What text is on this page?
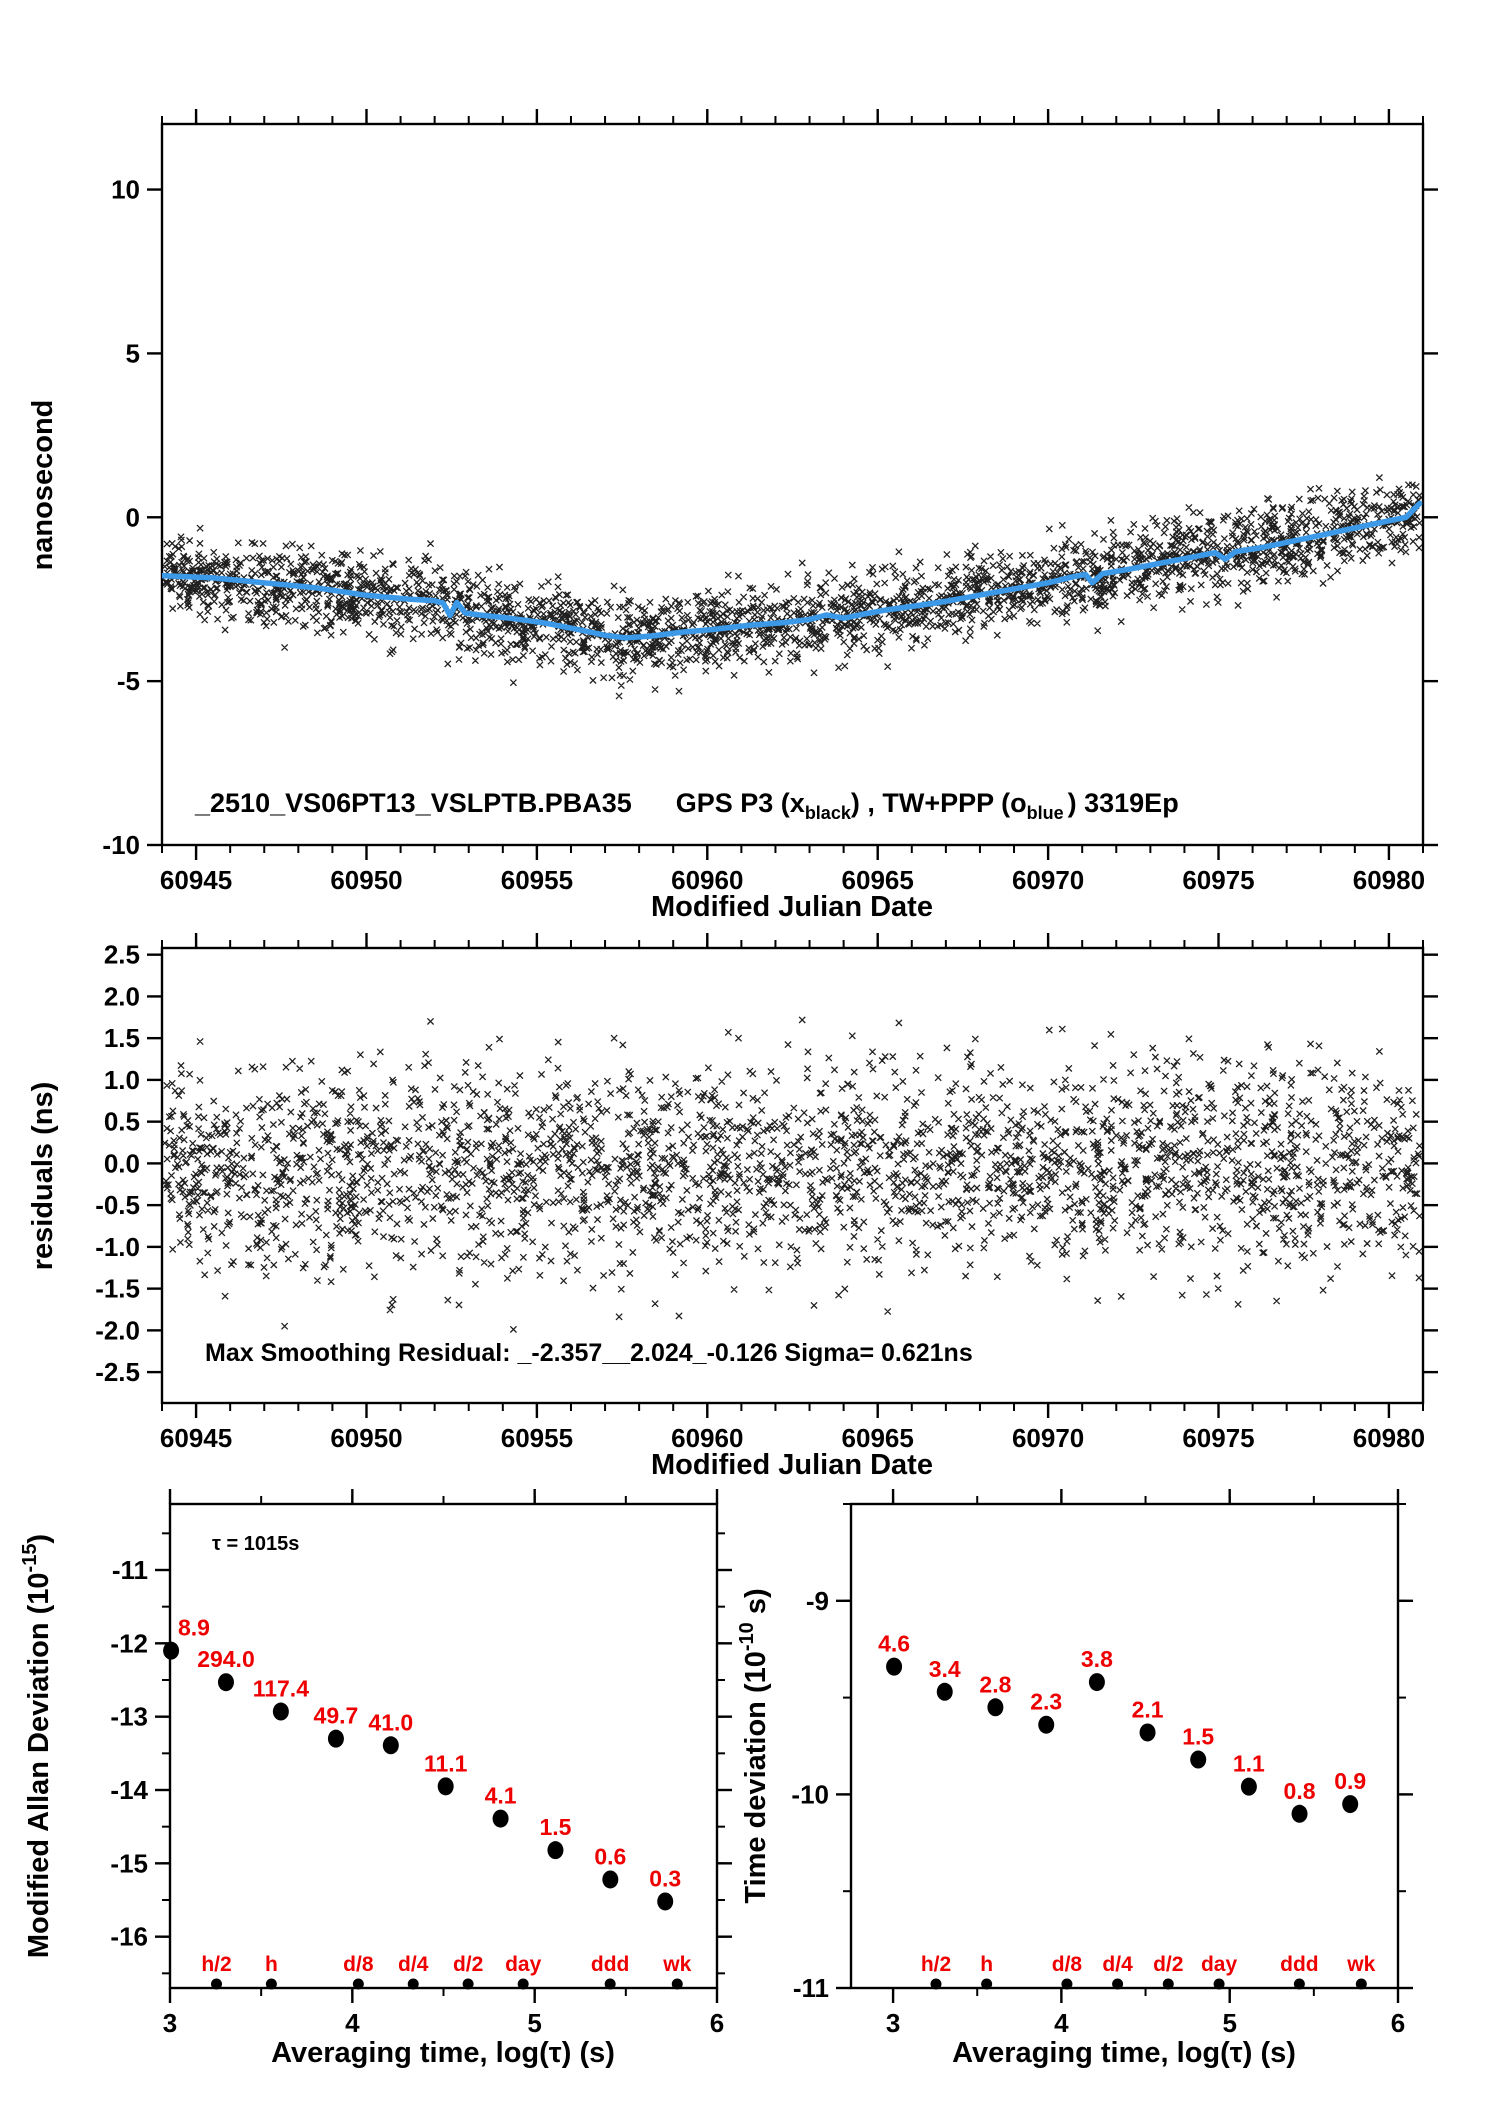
60945	60950	60955	60960	60965	60970	60975	60980
10
5
0
-5
-10
_2510_VS06PT13_VSLPTB.PBA35 GPS P3 $(x_{black})$ , TW+PPP ($o_{blue}$ ) 3319Ep
nanosecond
Modified Julian Date
60945	60950	60955	60960	60965	60970	60975	60980
2.5
2.0
1.5
1.0
0.5
0.0
-0.5
-1.0
-1.5
-2.0
-2.5
Max Smoothing Residual: _-2.357__2.024_-0.126 Sigma= 0.621ns
residuals (ns)
Modified Julian Date
3	4	5	6
-11
-12
-13
-14
-15
-16
8.9
294.0
117.4
49.7 41.0
11.1
4.1
1.5
0.6
0.3
h/2 h	d/8 d/4 d/2 day ddd wk
τ = 1015s
Modified Allan Deviation $(10^{-15})$
Averaging time, log(τ) (s)
3	4	5	6
-9
-10
-11
4.6
3.4
2.8
2.3
3.8
2.1
1.5
1.1
0.8 0.9
h/2 h	d/8 d/4 d/2 day ddd wk
Time deviation ($10^{-10}$ s)
Averaging time, log(τ) (s)
